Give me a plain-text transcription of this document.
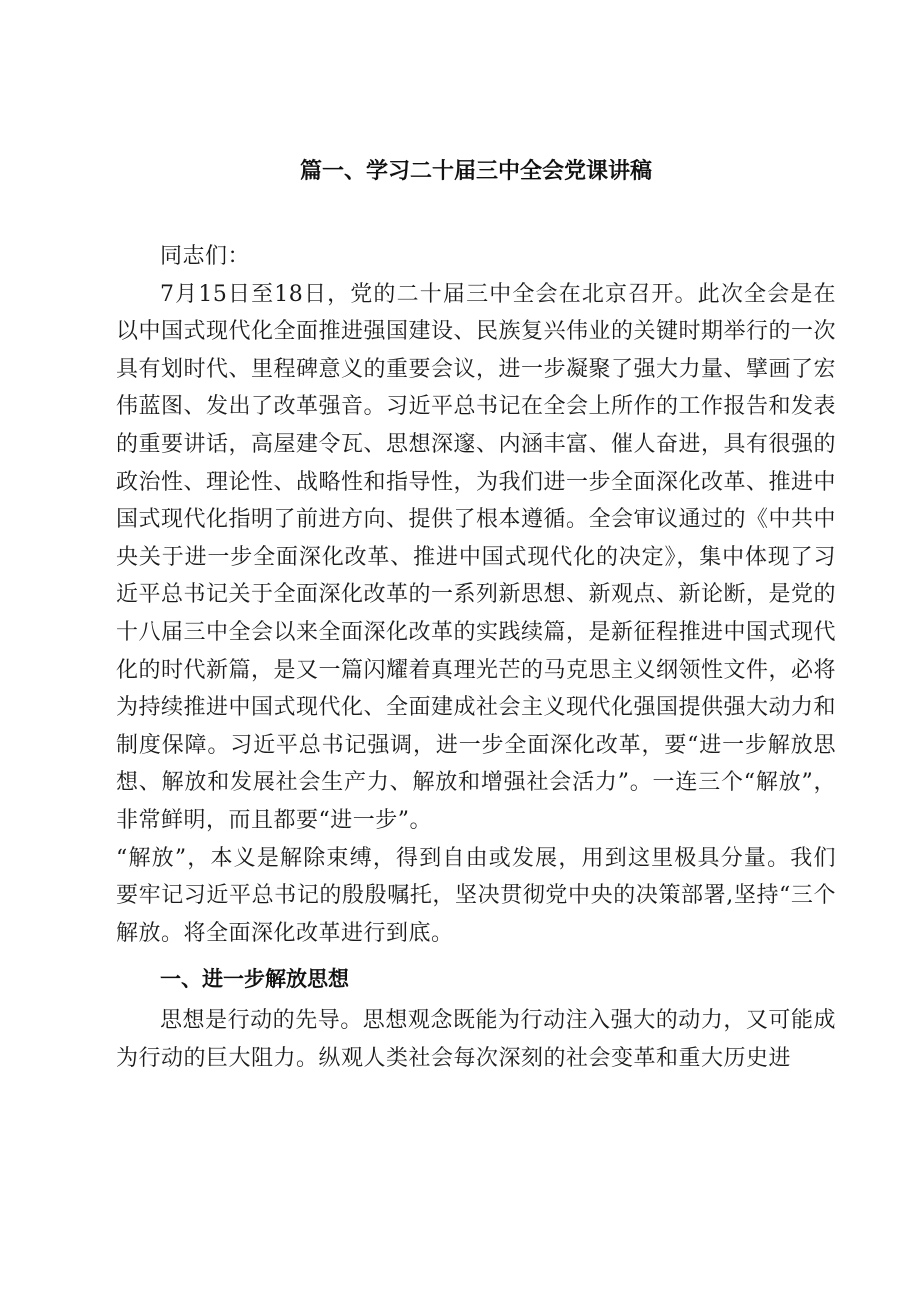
篇一、学习二十届三中全会党课讲稿

同志们：

7月15日至18日，党的二十届三中全会在北京召开。此次全会是在以中国式现代化全面推进强国建设、民族复兴伟业的关键时期举行的一次具有划时代、里程碑意义的重要会议，进一步凝聚了强大力量、擘画了宏伟蓝图、发出了改革强音。习近平总书记在全会上所作的工作报告和发表的重要讲话，高屋建令瓦、思想深邃、内涵丰富、催人奋进，具有很强的政治性、理论性、战略性和指导性，为我们进一步全面深化改革、推进中国式现代化指明了前进方向、提供了根本遵循。全会审议通过的《中共中央关于进一步全面深化改革、推进中国式现代化的决定》，集中体现了习近平总书记关于全面深化改革的一系列新思想、新观点、新论断，是党的十八届三中全会以来全面深化改革的实践续篇，是新征程推进中国式现代化的时代新篇，是又一篇闪耀着真理光芒的马克思主义纲领性文件，必将为持续推进中国式现代化、全面建成社会主义现代化强国提供强大动力和制度保障。习近平总书记强调，进一步全面深化改革，要“进一步解放思想、解放和发展社会生产力、解放和增强社会活力”。一连三个“解放”，非常鲜明，而且都要“进一步”。

“解放”，本义是解除束缚，得到自由或发展，用到这里极具分量。我们要牢记习近平总书记的殷殷嘱托，坚决贯彻党中央的决策部署,坚持“三个解放。将全面深化改革进行到底。

一、进一步解放思想

思想是行动的先导。思想观念既能为行动注入强大的动力，又可能成为行动的巨大阻力。纵观人类社会每次深刻的社会变革和重大历史进
